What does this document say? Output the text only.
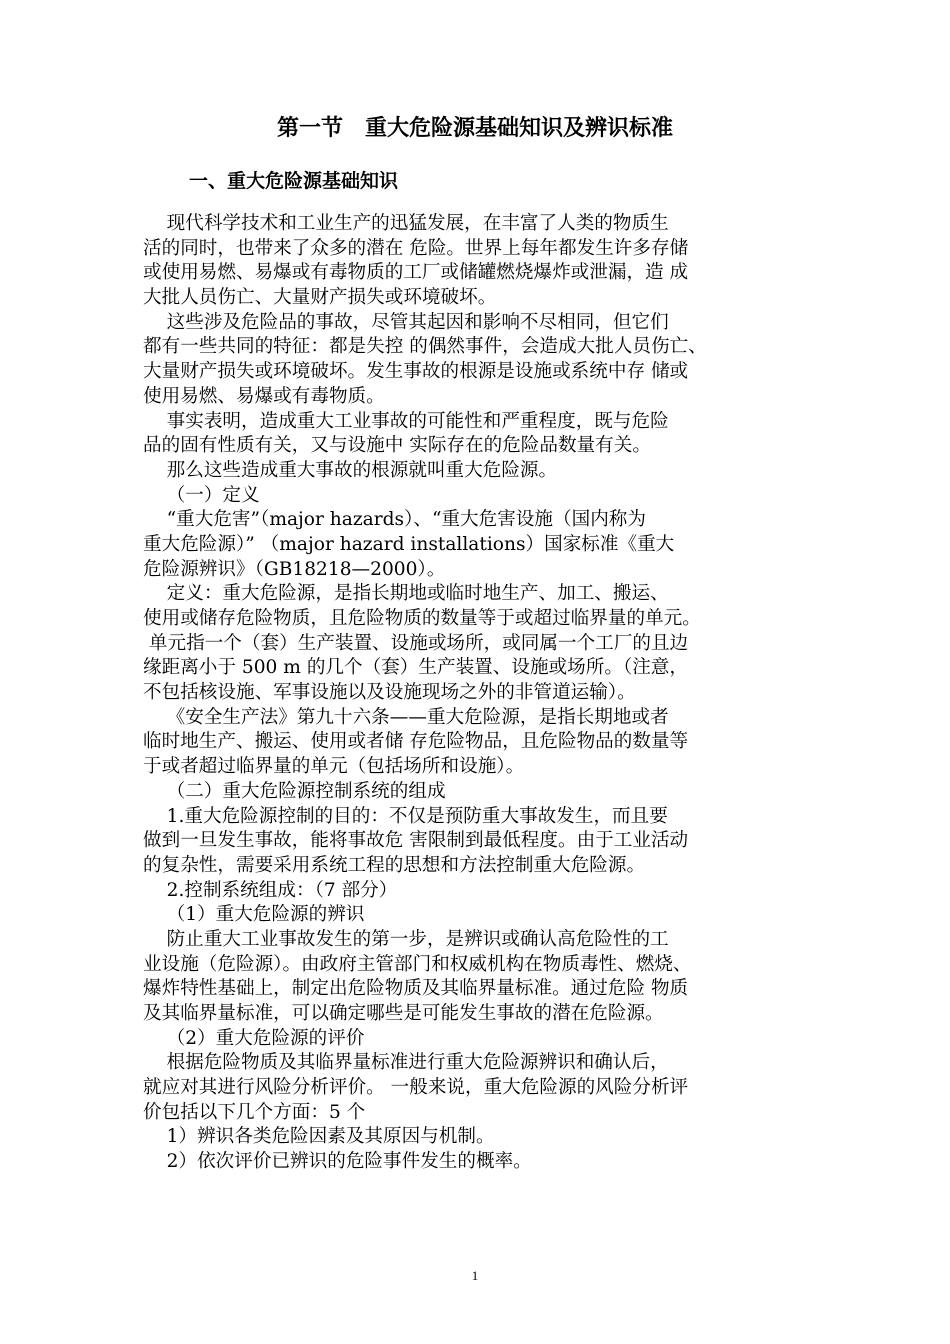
第一节　重大危险源基础知识及辨识标准
一、重大危险源基础知识
现代科学技术和工业生产的迅猛发展，在丰富了人类的物质生
活的同时，也带来了众多的潜在 危险。世界上每年都发生许多存储
或使用易燃、易爆或有毒物质的工厂或储罐燃烧爆炸或泄漏，造 成
大批人员伤亡、大量财产损失或环境破坏。
这些涉及危险品的事故，尽管其起因和影响不尽相同，但它们
都有一些共同的特征：都是失控 的偶然事件，会造成大批人员伤亡、
大量财产损失或环境破坏。发生事故的根源是设施或系统中存 储或
使用易燃、易爆或有毒物质。
事实表明，造成重大工业事故的可能性和严重程度，既与危险
品的固有性质有关，又与设施中 实际存在的危险品数量有关。
那么这些造成重大事故的根源就叫重大危险源。
（一）定义
“重大危害”（major hazards）、“重大危害设施（国内称为
重大危险源）” （major hazard installations）国家标准《重大
危险源辨识》（GB18218—2000）。
定义：重大危险源，是指长期地或临时地生产、加工、搬运、
使用或储存危险物质，且危险物质的数量等于或超过临界量的单元。
单元指一个（套）生产装置、设施或场所，或同属一个工厂的且边
缘距离小于 500 m 的几个（套）生产装置、设施或场所。（注意，
不包括核设施、军事设施以及设施现场之外的非管道运输）。
《安全生产法》第九十六条——重大危险源，是指长期地或者
临时地生产、搬运、使用或者储 存危险物品，且危险物品的数量等
于或者超过临界量的单元（包括场所和设施）。
（二）重大危险源控制系统的组成
1.重大危险源控制的目的：不仅是预防重大事故发生，而且要
做到一旦发生事故，能将事故危 害限制到最低程度。由于工业活动
的复杂性，需要采用系统工程的思想和方法控制重大危险源。
2.控制系统组成：（7 部分）
（1）重大危险源的辨识
防止重大工业事故发生的第一步，是辨识或确认高危险性的工
业设施（危险源）。由政府主管部门和权威机构在物质毒性、燃烧、
爆炸特性基础上，制定出危险物质及其临界量标准。通过危险 物质
及其临界量标准，可以确定哪些是可能发生事故的潜在危险源。
（2）重大危险源的评价
根据危险物质及其临界量标准进行重大危险源辨识和确认后，
就应对其进行风险分析评价。 一般来说，重大危险源的风险分析评
价包括以下几个方面：5 个
1）辨识各类危险因素及其原因与机制。
2）依次评价已辨识的危险事件发生的概率。
1
